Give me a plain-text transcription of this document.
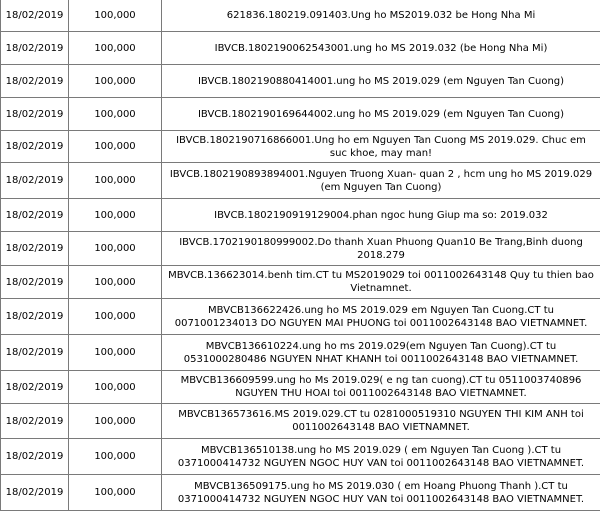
18/02/2019	100,000	621836.180219.091403.Ung ho MS2019.032 be Hong Nha Mi
18/02/2019	100,000	IBVCB.1802190062543001.ung ho MS 2019.032 (be Hong Nha Mi)
18/02/2019	100,000	IBVCB.1802190880414001.ung ho MS 2019.029 (em Nguyen Tan Cuong)
18/02/2019	100,000	IBVCB.1802190169644002.ung ho MS 2019.029 (em Nguyen Tan Cuong)
18/02/2019	100,000	IBVCB.1802190716866001.Ung ho em Nguyen Tan Cuong MS 2019.029. Chuc em suc khoe, may man!
18/02/2019	100,000	IBVCB.1802190893894001.Nguyen Truong Xuan- quan 2 , hcm ung ho MS 2019.029 (em Nguyen Tan Cuong)
18/02/2019	100,000	IBVCB.1802190919129004.phan ngoc hung Giup ma so: 2019.032
18/02/2019	100,000	IBVCB.1702190180999002.Do thanh Xuan Phuong Quan10 Be Trang,Binh duong 2018.279
18/02/2019	100,000	MBVCB.136623014.benh tim.CT tu MS2019029 toi 0011002643148 Quy tu thien bao Vietnamnet.
18/02/2019	100,000	MBVCB136622426.ung ho MS 2019.029 em Nguyen Tan Cuong.CT tu 0071001234013 DO NGUYEN MAI PHUONG toi 0011002643148 BAO VIETNAMNET.
18/02/2019	100,000	MBVCB136610224.ung ho ms 2019.029(em Nguyen Tan Cuong).CT tu 0531000280486 NGUYEN NHAT KHANH toi 0011002643148 BAO VIETNAMNET.
18/02/2019	100,000	MBVCB136609599.ung ho Ms 2019.029( e ng tan cuong).CT tu 0511003740896 NGUYEN THU HOAI toi 0011002643148 BAO VIETNAMNET.
18/02/2019	100,000	MBVCB136573616.MS 2019.029.CT tu 0281000519310 NGUYEN THI KIM ANH toi 0011002643148 BAO VIETNAMNET.
18/02/2019	100,000	MBVCB136510138.ung ho MS 2019.029 ( em Nguyen Tan Cuong ).CT tu 0371000414732 NGUYEN NGOC HUY VAN toi 0011002643148 BAO VIETNAMNET.
18/02/2019	100,000	MBVCB136509175.ung ho MS 2019.030 ( em Hoang Phuong Thanh ).CT tu 0371000414732 NGUYEN NGOC HUY VAN toi 0011002643148 BAO VIETNAMNET.
